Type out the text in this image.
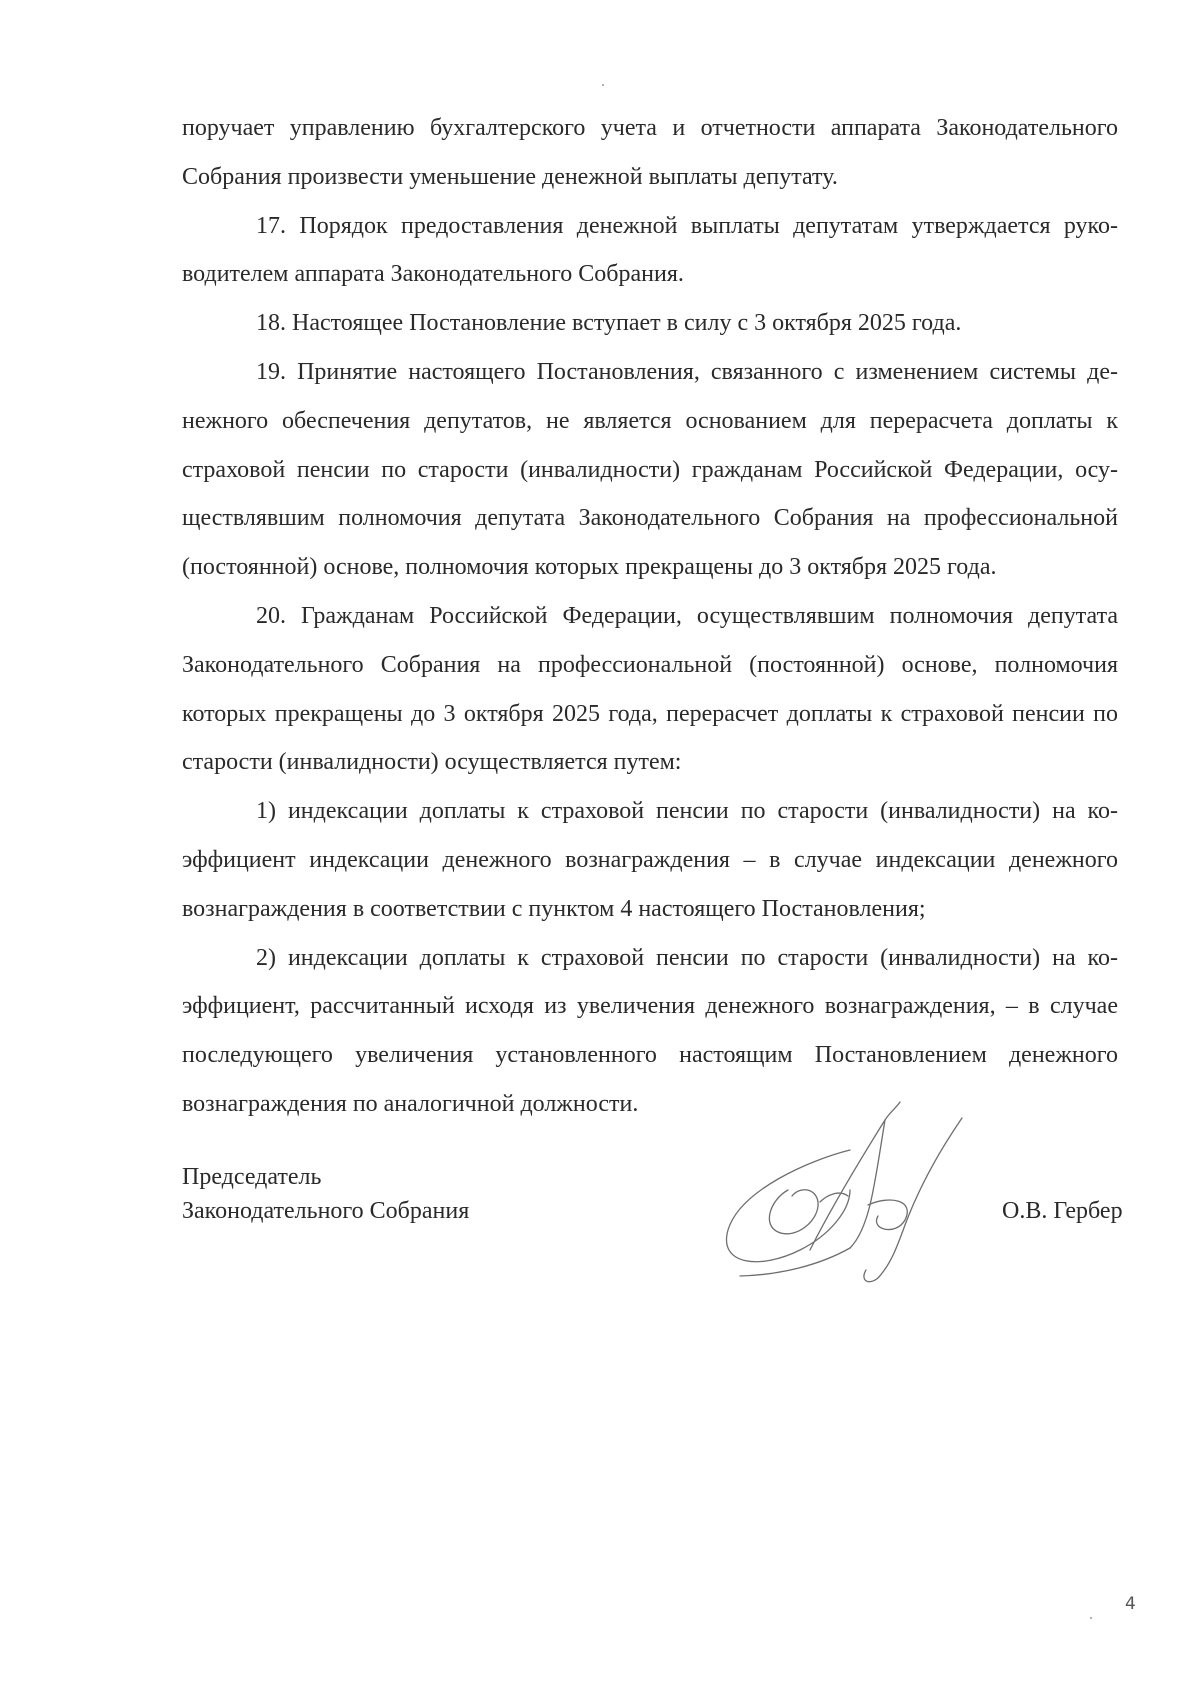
поручает управлению бухгалтерского учета и отчетности аппарата Законодательного Собрания произвести уменьшение денежной выплаты депутату.

17. Порядок предоставления денежной выплаты депутатам утверждается руководителем аппарата Законодательного Собрания.

18. Настоящее Постановление вступает в силу с 3 октября 2025 года.

19. Принятие настоящего Постановления, связанного с изменением системы денежного обеспечения депутатов, не является основанием для перерасчета доплаты к страховой пенсии по старости (инвалидности) гражданам Российской Федерации, осуществлявшим полномочия депутата Законодательного Собрания на профессиональной (постоянной) основе, полномочия которых прекращены до 3 октября 2025 года.

20. Гражданам Российской Федерации, осуществлявшим полномочия депутата Законодательного Собрания на профессиональной (постоянной) основе, полномочия которых прекращены до 3 октября 2025 года, перерасчет доплаты к страховой пенсии по старости (инвалидности) осуществляется путем:

1) индексации доплаты к страховой пенсии по старости (инвалидности) на коэффициент индексации денежного вознаграждения – в случае индексации денежного вознаграждения в соответствии с пунктом 4 настоящего Постановления;

2) индексации доплаты к страховой пенсии по старости (инвалидности) на коэффициент, рассчитанный исходя из увеличения денежного вознаграждения, – в случае последующего увеличения установленного настоящим Постановлением денежного вознаграждения по аналогичной должности.

Председатель
Законодательного Собрания	О.В. Гербер
4
